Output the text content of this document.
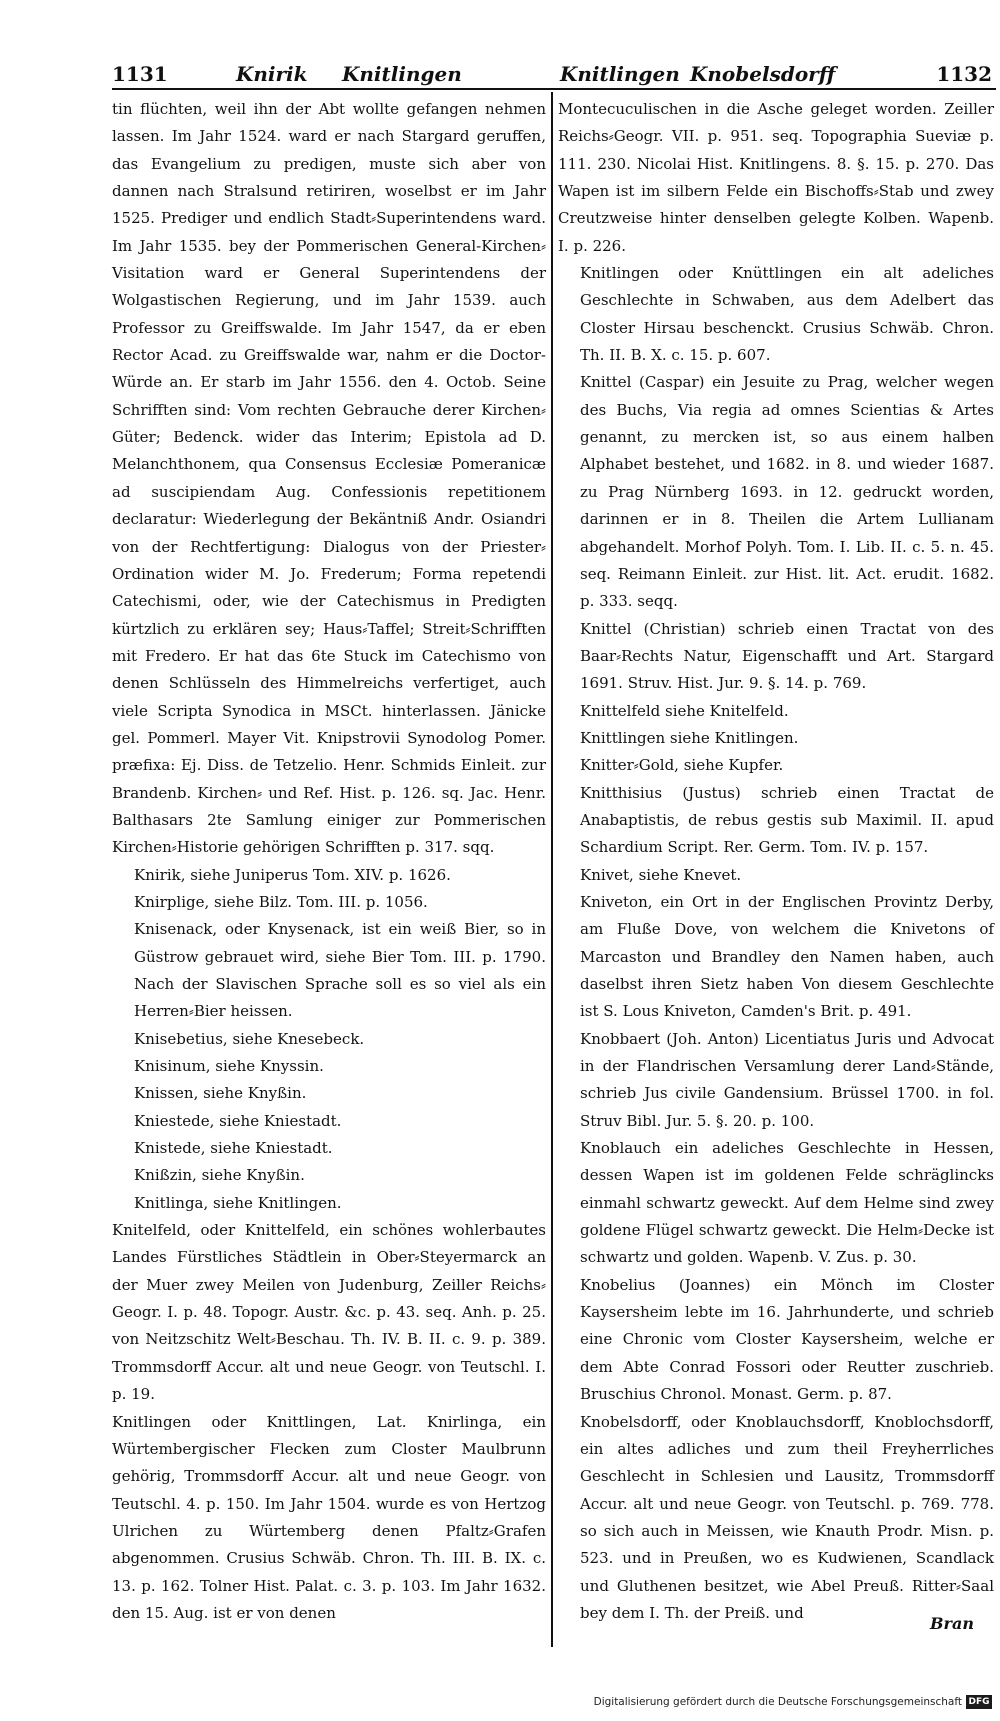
1131	Knirik Knitlingen	Knitlingen Knobelsdorff	1132

tin flüchten, weil ihn der Abt wollte gefangen nehmen lassen. Im Jahr 1524. ward er nach Stargard geruffen, das Evangelium zu predigen, muste sich aber von dannen nach Stralsund retiriren, woselbst er im Jahr 1525. Prediger und endlich Stadt⸗Superintendens ward. Im Jahr 1535. bey der Pommerischen General-Kirchen⸗Visitation ward er General Superintendens der Wolgastischen Regierung, und im Jahr 1539. auch Professor zu Greiffswalde. Im Jahr 1547, da er eben Rector Acad. zu Greiffswalde war, nahm er die Doctor-Würde an. Er starb im Jahr 1556. den 4. Octob. Seine Schrifften sind: Vom rechten Gebrauche derer Kirchen⸗Güter; Bedenck. wider das Interim; Epistola ad D. Melanchthonem, qua Consensus Ecclesiæ Pomeranicæ ad suscipiendam Aug. Confessionis repetitionem declaratur: Wiederlegung der Bekäntniß Andr. Osiandri von der Rechtfertigung: Dialogus von der Priester⸗Ordination wider M. Jo. Frederum; Forma repetendi Catechismi, oder, wie der Catechismus in Predigten kürtzlich zu erklären sey; Haus⸗Taffel; Streit⸗Schrifften mit Fredero. Er hat das 6te Stuck im Catechismo von denen Schlüsseln des Himmelreichs verfertiget, auch viele Scripta Synodica in MSCt. hinterlassen. Jänicke gel. Pommerl. Mayer Vit. Knipstrovii Synodolog Pomer. præfixa: Ej. Diss. de Tetzelio. Henr. Schmids Einleit. zur Brandenb. Kirchen⸗ und Ref. Hist. p. 126. sq. Jac. Henr. Balthasars 2te Samlung einiger zur Pommerischen Kirchen⸗Historie gehörigen Schrifften p. 317. sqq.

Knirik, siehe Juniperus Tom. XIV. p. 1626.

Knirplige, siehe Bilz. Tom. III. p. 1056.

Knisenack, oder Knysenack, ist ein weiß Bier, so in Güstrow gebrauet wird, siehe Bier Tom. III. p. 1790. Nach der Slavischen Sprache soll es so viel als ein Herren⸗Bier heissen.

Knisebetius, siehe Knesebeck.

Knisinum, siehe Knyssin.

Knissen, siehe Knyßin.

Kniestede, siehe Kniestadt.

Knistede, siehe Kniestadt.

Knißzin, siehe Knyßin.

Knitlinga, siehe Knitlingen.

Knitelfeld, oder Knittelfeld, ein schönes wohlerbautes Landes Fürstliches Städtlein in Ober⸗Steyermarck an der Muer zwey Meilen von Judenburg, Zeiller Reichs⸗Geogr. I. p. 48. Topogr. Austr. &c. p. 43. seq. Anh. p. 25. von Neitzschitz Welt⸗Beschau. Th. IV. B. II. c. 9. p. 389. Trommsdorff Accur. alt und neue Geogr. von Teutschl. I. p. 19.

Knitlingen oder Knittlingen, Lat. Knirlinga, ein Würtembergischer Flecken zum Closter Maulbrunn gehörig, Trommsdorff Accur. alt und neue Geogr. von Teutschl. 4. p. 150. Im Jahr 1504. wurde es von Hertzog Ulrichen zu Würtemberg denen Pfaltz⸗Grafen abgenommen. Crusius Schwäb. Chron. Th. III. B. IX. c. 13. p. 162. Tolner Hist. Palat. c. 3. p. 103. Im Jahr 1632. den 15. Aug. ist er von denen

Montecuculischen in die Asche geleget worden. Zeiller Reichs⸗Geogr. VII. p. 951. seq. Topographia Sueviæ p. 111. 230. Nicolai Hist. Knitlingens. 8. §. 15. p. 270. Das Wapen ist im silbern Felde ein Bischoffs⸗Stab und zwey Creutzweise hinter denselben gelegte Kolben. Wapenb. I. p. 226.

Knitlingen oder Knüttlingen ein alt adeliches Geschlechte in Schwaben, aus dem Adelbert das Closter Hirsau beschenckt. Crusius Schwäb. Chron. Th. II. B. X. c. 15. p. 607.

Knittel (Caspar) ein Jesuite zu Prag, welcher wegen des Buchs, Via regia ad omnes Scientias & Artes genannt, zu mercken ist, so aus einem halben Alphabet bestehet, und 1682. in 8. und wieder 1687. zu Prag Nürnberg 1693. in 12. gedruckt worden, darinnen er in 8. Theilen die Artem Lullianam abgehandelt. Morhof Polyh. Tom. I. Lib. II. c. 5. n. 45. seq. Reimann Einleit. zur Hist. lit. Act. erudit. 1682. p. 333. seqq.

Knittel (Christian) schrieb einen Tractat von des Baar⸗Rechts Natur, Eigenschafft und Art. Stargard 1691. Struv. Hist. Jur. 9. §. 14. p. 769.

Knittelfeld siehe Knitelfeld.

Knittlingen siehe Knitlingen.

Knitter⸗Gold, siehe Kupfer.

Knitthisius (Justus) schrieb einen Tractat de Anabaptistis, de rebus gestis sub Maximil. II. apud Schardium Script. Rer. Germ. Tom. IV. p. 157.

Knivet, siehe Knevet.

Kniveton, ein Ort in der Englischen Provintz Derby, am Fluße Dove, von welchem die Knivetons of Marcaston und Brandley den Namen haben, auch daselbst ihren Sietz haben Von diesem Geschlechte ist S. Lous Kniveton, Camden's Brit. p. 491.

Knobbaert (Joh. Anton) Licentiatus Juris und Advocat in der Flandrischen Versamlung derer Land⸗Stände, schrieb Jus civile Gandensium. Brüssel 1700. in fol. Struv Bibl. Jur. 5. §. 20. p. 100.

Knoblauch ein adeliches Geschlechte in Hessen, dessen Wapen ist im goldenen Felde schräglincks einmahl schwartz geweckt. Auf dem Helme sind zwey goldene Flügel schwartz geweckt. Die Helm⸗Decke ist schwartz und golden. Wapenb. V. Zus. p. 30.

Knobelius (Joannes) ein Mönch im Closter Kaysersheim lebte im 16. Jahrhunderte, und schrieb eine Chronic vom Closter Kaysersheim, welche er dem Abte Conrad Fossori oder Reutter zuschrieb. Bruschius Chronol. Monast. Germ. p. 87.

Knobelsdorff, oder Knoblauchsdorff, Knoblochsdorff, ein altes adliches und zum theil Freyherrliches Geschlecht in Schlesien und Lausitz, Trommsdorff Accur. alt und neue Geogr. von Teutschl. p. 769. 778. so sich auch in Meissen, wie Knauth Prodr. Misn. p. 523. und in Preußen, wo es Kudwienen, Scandlack und Gluthenen besitzet, wie Abel Preuß. Ritter⸗Saal bey dem I. Th. der Preiß. und

Bran
Digitalisierung gefördert durch die Deutsche Forschungsgemeinschaft DFG
